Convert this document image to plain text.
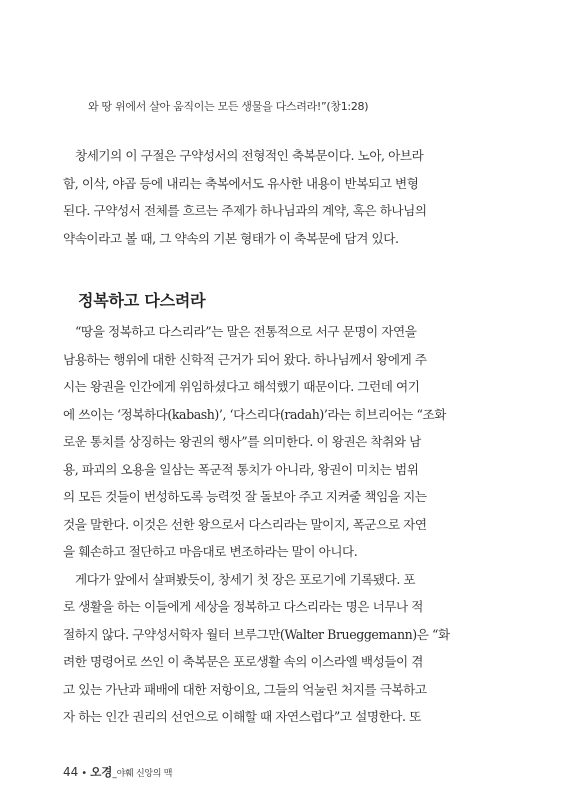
와 땅 위에서 살아 움직이는 모든 생물을 다스려라!”(창1:28)
창세기의 이 구절은 구약성서의 전형적인 축복문이다. 노아, 아브라
함, 이삭, 야곱 등에 내리는 축복에서도 유사한 내용이 반복되고 변형
된다. 구약성서 전체를 흐르는 주제가 하나님과의 계약, 혹은 하나님의
약속이라고 볼 때, 그 약속의 기본 형태가 이 축복문에 담겨 있다.
정복하고 다스려라
“땅을 정복하고 다스리라”는 말은 전통적으로 서구 문명이 자연을
남용하는 행위에 대한 신학적 근거가 되어 왔다. 하나님께서 왕에게 주
시는 왕권을 인간에게 위임하셨다고 해석했기 때문이다. 그런데 여기
에 쓰이는 ‘정복하다(kabash)’, ‘다스리다(radah)’라는 히브리어는 “조화
로운 통치를 상징하는 왕권의 행사”를 의미한다. 이 왕권은 착취와 남
용, 파괴의 오용을 일삼는 폭군적 통치가 아니라, 왕권이 미치는 범위
의 모든 것들이 번성하도록 능력껏 잘 돌보아 주고 지켜줄 책임을 지는
것을 말한다. 이것은 선한 왕으로서 다스리라는 말이지, 폭군으로 자연
을 훼손하고 절단하고 마음대로 변조하라는 말이 아니다.
게다가 앞에서 살펴봤듯이, 창세기 첫 장은 포로기에 기록됐다. 포
로 생활을 하는 이들에게 세상을 정복하고 다스리라는 명은 너무나 적
절하지 않다. 구약성서학자 월터 브루그만(Walter Brueggemann)은 “화
려한 명령어로 쓰인 이 축복문은 포로생활 속의 이스라엘 백성들이 겪
고 있는 가난과 패배에 대한 저항이요, 그들의 억눌린 처지를 극복하고
자 하는 인간 권리의 선언으로 이해할 때 자연스럽다”고 설명한다. 또
44 • 오경_야훼 신앙의 맥
